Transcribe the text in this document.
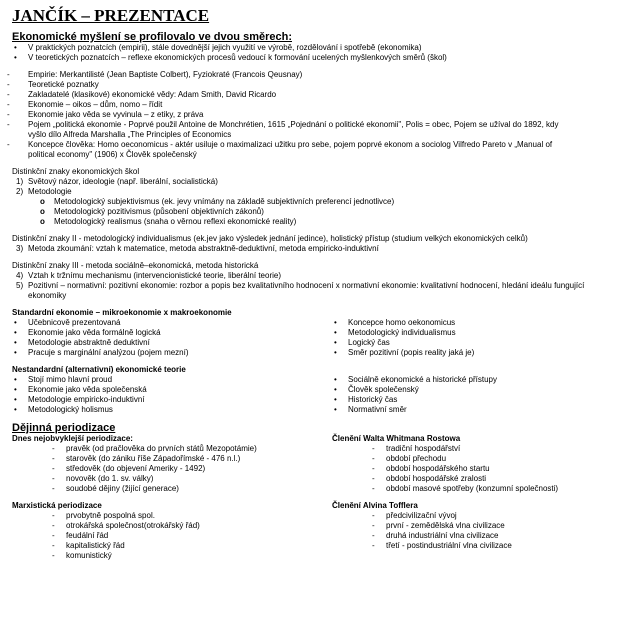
JANČÍK – PREZENTACE
Ekonomické myšlení se profilovalo ve dvou směrech:
• V praktických poznatcích (empirii), stále dovednější jejich využití ve výrobě, rozdělování i spotřebě (ekonomika)
• V teoretických poznatcích – reflexe ekonomických procesů vedoucí k formování ucelených myšlenkových směrů (škol)
- Empirie: Merkantilisté (Jean Baptiste Colbert), Fyziokraté (Francois Qeusnay)
- Teoretické poznatky
- Zakladatelé (klasikové) ekonomické vědy: Adam Smith, David Ricardo
- Ekonomie – oikos – dům, nomo – řídit
- Ekonomie jako věda se vyvinula – z etiky, z práva
- Pojem „politická ekonomie - Poprvé použil Antoine de Monchrétien, 1615 „Pojednání o politické ekonomii", Polis = obec, Pojem se užíval do 1892, kdy vyšlo dílo Alfreda Marshalla „The Principles of Economics
- Koncepce člověka: Homo oeconomicus - aktér usiluje o maximalizaci užitku pro sebe, pojem poprvé ekonom a sociolog Vilfredo Pareto v „Manual of political economy" (1906) x Člověk společenský
Distinkční znaky ekonomických škol
1) Světový názor, ideologie (např. liberální, socialistická)
2) Metodologie
o Metodologický subjektivismus (ek. jevy vnímány na základě subjektivních preferencí jednotlivce)
o Metodologický pozitivismus (působení objektivních zákonů)
o Metodologický realismus (snaha o věrnou reflexi ekonomické reality)
Distinkční znaky II - metodologický individualismus (ek.jev jako výsledek jednání jedince), holistický přístup (studium velkých ekonomických celků)
3) Metoda zkoumání: vztah k matematice, metoda abstraktně-deduktivní, metoda empiricko-induktivní
Distinkční znaky III - metoda sociálně–ekonomická, metoda historická
4) Vztah k tržnímu mechanismu (intervencionistické teorie, liberální teorie)
5) Pozitivní – normativní: pozitivní ekonomie: rozbor a popis bez kvalitativního hodnocení x normativní ekonomie: kvalitativní hodnocení, hledání ideálu fungující ekonomiky
Standardní ekonomie – mikroekonomie x makroekonomie
• Učebnicově prezentovaná
• Ekonomie jako věda formálně logická
• Metodologie abstraktně deduktivní
• Pracuje s marginální analýzou (pojem mezní)
• Koncepce homo oekonomicus
• Metodologický individualismus
• Logický čas
• Směr pozitivní (popis reality jaká je)
Nestandardní (alternativní) ekonomické teorie
• Stojí mimo hlavní proud
• Ekonomie jako věda společenská
• Metodologie empiricko-induktivní
• Metodologický holismus
• Sociálně ekonomické a historické přístupy
• Člověk společenský
• Historický čas
• Normativní směr
Dějinná periodizace
Dnes nejobvyklejší periodizace:
- pravěk (od pračlověka do prvních států Mezopotámie)
- starověk (do zániku říše Západořímské - 476 n.l.)
- středověk (do objevení Ameriky - 1492)
- novověk (do 1. sv. války)
- soudobé dějiny (žijící generace)
Členění Walta Whitmana Rostowa
- tradiční hospodářství
- období přechodu
- období hospodářského startu
- období hospodářské zralosti
- období masové spotřeby (konzumní společnosti)
Marxistická periodizace
- prvobytně pospolná spol.
- otrokářská společnost(otrokářský řád)
- feudální řád
- kapitalistický řád
- komunistický
Členění Alvina Tofflera
- předcivilizační vývoj
- první - zemědělská vlna civilizace
- druhá industriální vlna civilizace
- třetí - postindustriální vlna civilizace
